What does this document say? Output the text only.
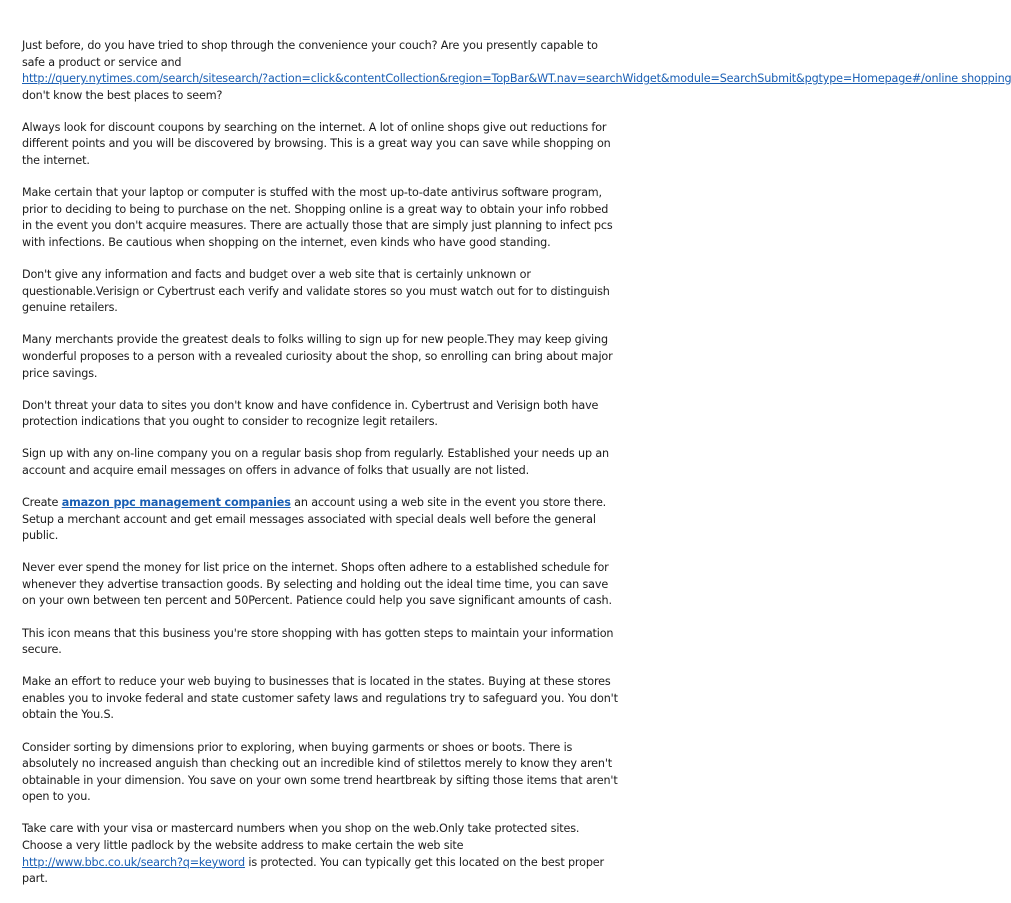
Just before, do you have tried to shop through the convenience your couch? Are you presently capable to safe a product or service and
http://query.nytimes.com/search/sitesearch/?action=click&contentCollection&region=TopBar&WT.nav=searchWidget&module=SearchSubmit&pgtype=Homepage#/online shopping
don't know the best places to seem?

Always look for discount coupons by searching on the internet. A lot of online shops give out reductions for different points and you will be discovered by browsing. This is a great way you can save while shopping on the internet.

Make certain that your laptop or computer is stuffed with the most up-to-date antivirus software program, prior to deciding to being to purchase on the net. Shopping online is a great way to obtain your info robbed in the event you don't acquire measures. There are actually those that are simply just planning to infect pcs with infections. Be cautious when shopping on the internet, even kinds who have good standing.

Don't give any information and facts and budget over a web site that is certainly unknown or questionable.Verisign or Cybertrust each verify and validate stores so you must watch out for to distinguish genuine retailers.

Many merchants provide the greatest deals to folks willing to sign up for new people.They may keep giving wonderful proposes to a person with a revealed curiosity about the shop, so enrolling can bring about major price savings.

Don't threat your data to sites you don't know and have confidence in. Cybertrust and Verisign both have protection indications that you ought to consider to recognize legit retailers.

Sign up with any on-line company you on a regular basis shop from regularly. Established your needs up an account and acquire email messages on offers in advance of folks that usually are not listed.

Create amazon ppc management companies an account using a web site in the event you store there. Setup a merchant account and get email messages associated with special deals well before the general public.

Never ever spend the money for list price on the internet. Shops often adhere to a established schedule for whenever they advertise transaction goods. By selecting and holding out the ideal time time, you can save on your own between ten percent and 50Percent. Patience could help you save significant amounts of cash.

This icon means that this business you're store shopping with has gotten steps to maintain your information secure.

Make an effort to reduce your web buying to businesses that is located in the states. Buying at these stores enables you to invoke federal and state customer safety laws and regulations try to safeguard you. You don't obtain the You.S.

Consider sorting by dimensions prior to exploring, when buying garments or shoes or boots. There is absolutely no increased anguish than checking out an incredible kind of stilettos merely to know they aren't obtainable in your dimension. You save on your own some trend heartbreak by sifting those items that aren't open to you.

Take care with your visa or mastercard numbers when you shop on the web.Only take protected sites. Choose a very little padlock by the website address to make certain the web site http://www.bbc.co.uk/search?q=keyword is protected. You can typically get this located on the best proper part.
